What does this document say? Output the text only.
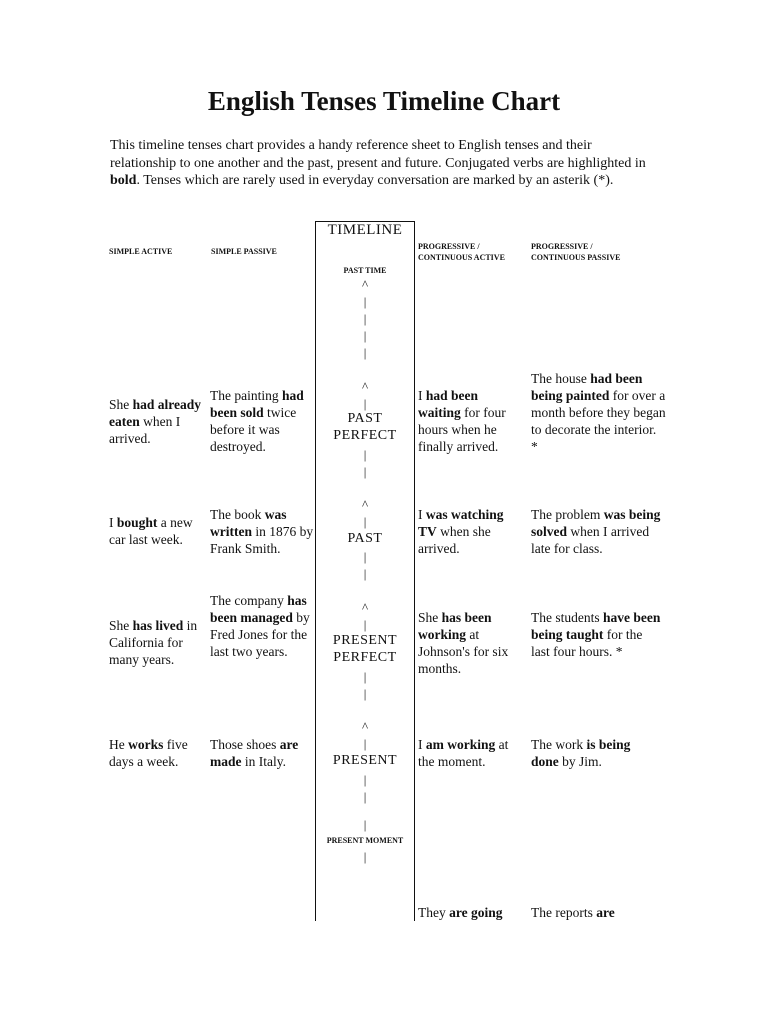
English Tenses Timeline Chart

This timeline tenses chart provides a handy reference sheet to English tenses and their relationship to one another and the past, present and future. Conjugated verbs are highlighted in bold. Tenses which are rarely used in everyday conversation are marked by an asterik (*).

SIMPLE ACTIVE	SIMPLE PASSIVE
PROGRESSIVE /
CONTINUOUS ACTIVE
PROGRESSIVE /
CONTINUOUS PASSIVE
TIMELINE
PAST TIME
^
|
|
|
|
^
|
PAST
PERFECT
|
|
^
|
PAST
|
|
^
|
PRESENT
PERFECT
|
|
^
|
PRESENT
|
|
|
PRESENT MOMENT
|
She had already eaten when I arrived.
The painting had been sold twice before it was destroyed.
I had been waiting for four hours when he finally arrived.
The house had been being painted for over a month before they began to decorate the interior. *
I bought a new car last week.
The book was written in 1876 by Frank Smith.
I was watching TV when she arrived.
The problem was being solved when I arrived late for class.
She has lived in California for many years.
The company has been managed by Fred Jones for the last two years.
She has been working at Johnson's for six months.
The students have been being taught for the last four hours. *
He works five days a week.
Those shoes are made in Italy.
I am working at the moment.
The work is being done by Jim.
They are going	The reports are
